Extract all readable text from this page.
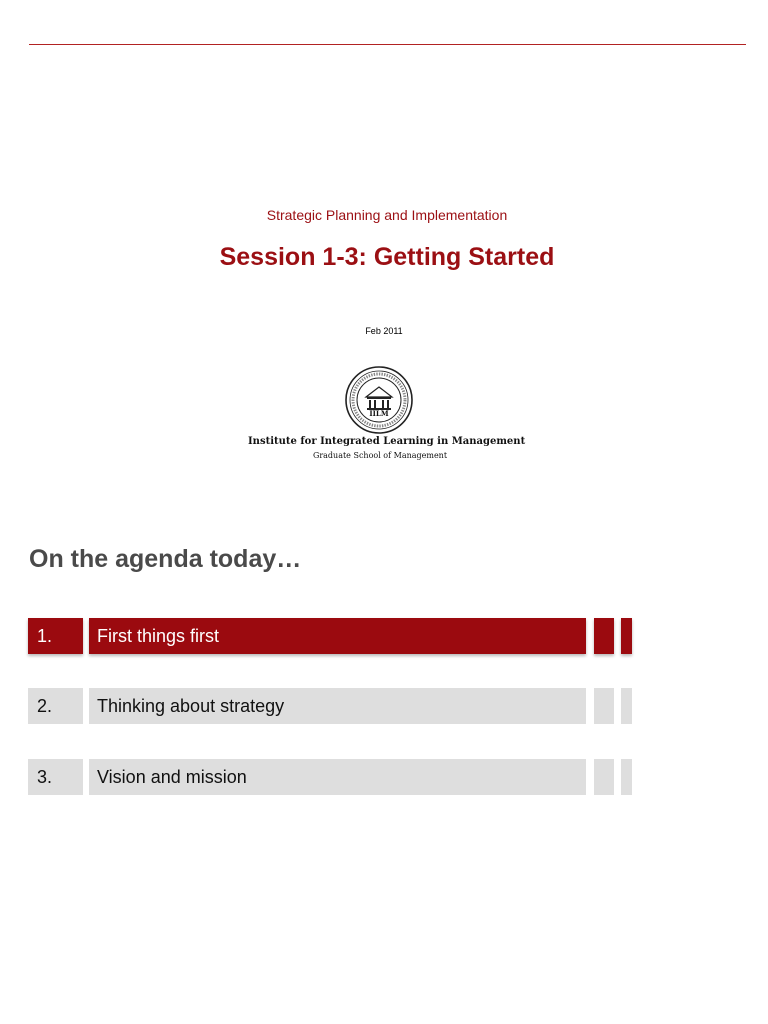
Strategic Planning and Implementation
Session 1-3: Getting Started
Feb 2011
IILM
Institute for Integrated Learning in Management
Graduate School of Management
On the agenda today…
1.	First things first
2.	Thinking about strategy
3.	Vision and mission
